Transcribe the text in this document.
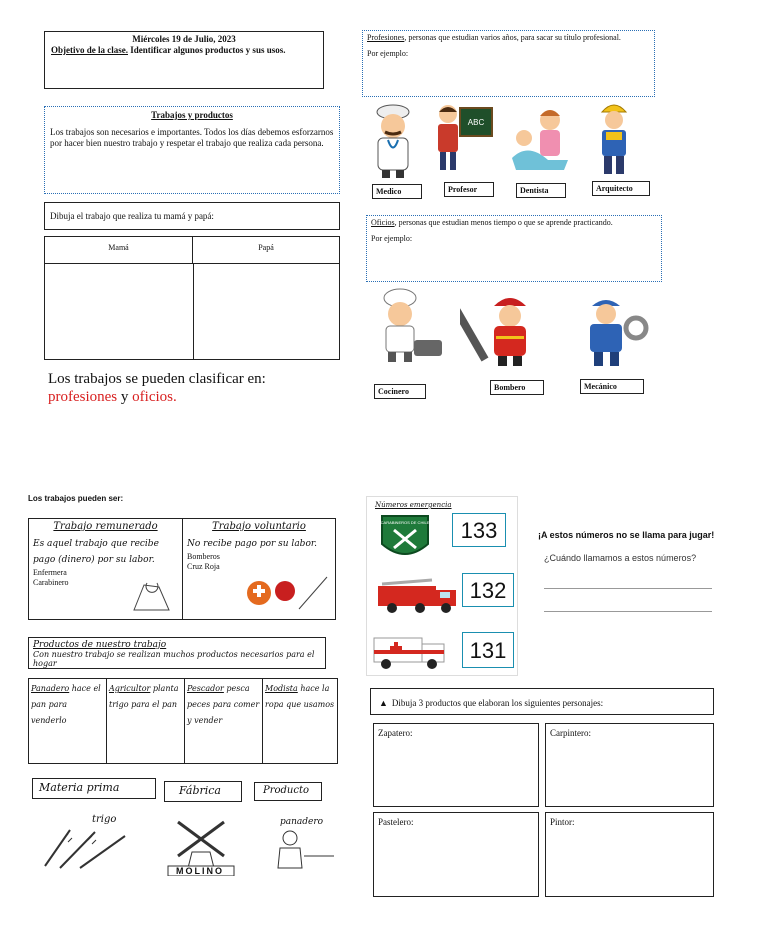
Miércoles 19 de Julio, 2023
Objetivo de la clase. Identificar algunos productos y sus usos.
Trabajos y productos
Los trabajos son necesarios e importantes. Todos los días debemos esforzarnos por hacer bien nuestro trabajo y respetar el trabajo que realiza cada persona.
Dibuja el trabajo que realiza tu mamá y papá:
Mamá	Papá
Los trabajos se pueden clasificar en:
profesiones y oficios.
Profesiones, personas que estudian varios años, para sacar su título profesional.
Por ejemplo:
ABC
Medico	Profesor	Dentista	Arquitecto
Oficios, personas que estudian menos tiempo o que se aprende practicando.
Por ejemplo:
Cocinero	Bombero	Mecánico
Los trabajos pueden ser:
Trabajo remunerado
Es aquel trabajo que recibe pago (dinero) por su labor.
Enfermera
Carabinero
Trabajo voluntario
No recibe pago por su labor.
Bomberos
Cruz Roja
Productos de nuestro trabajo
Con nuestro trabajo se realizan muchos productos necesarios para el hogar
Panadero hace el pan para venderlo
Agricultor planta trigo para el pan
Pescador pesca peces para comer y vender
Modista hace la ropa que usamos
Materia prima	Fábrica	Producto
trigo
MOLINO
panadero
Números emergencia
CARABINEROS DE CHILE	133
132
131
¡A estos números no se llama para jugar!
¿Cuándo llamamos a estos números?
▲ Dibuja 3 productos que elaboran los siguientes personajes:
Zapatero:	Carpintero:
Pastelero:	Pintor:
